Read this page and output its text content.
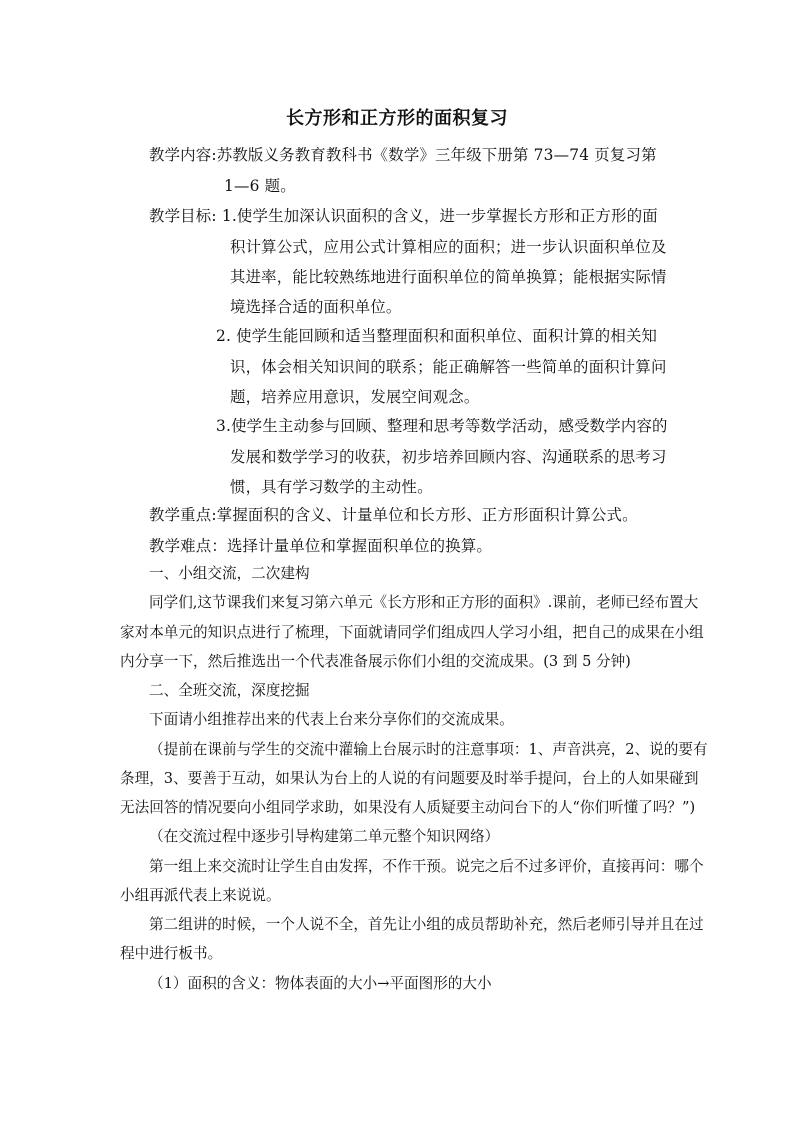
长方形和正方形的面积复习
教学内容:苏教版义务教育教科书《数学》三年级下册第 73—74 页复习第
1—6 题。
教学目标: 1.使学生加深认识面积的含义，进一步掌握长方形和正方形的面
积计算公式，应用公式计算相应的面积；进一步认识面积单位及
其进率，能比较熟练地进行面积单位的简单换算；能根据实际情
境选择合适的面积单位。
2. 使学生能回顾和适当整理面积和面积单位、面积计算的相关知
识，体会相关知识间的联系；能正确解答一些简单的面积计算问
题，培养应用意识，发展空间观念。
3.使学生主动参与回顾、整理和思考等数学活动，感受数学内容的
发展和数学学习的收获，初步培养回顾内容、沟通联系的思考习
惯，具有学习数学的主动性。
教学重点:掌握面积的含义、计量单位和长方形、正方形面积计算公式。
教学难点：选择计量单位和掌握面积单位的换算。
一、小组交流，二次建构
同学们,这节课我们来复习第六单元《长方形和正方形的面积》.课前，老师已经布置大
家对本单元的知识点进行了梳理，下面就请同学们组成四人学习小组，把自己的成果在小组
内分享一下，然后推选出一个代表准备展示你们小组的交流成果。(3 到 5 分钟)
二、全班交流，深度挖掘
下面请小组推荐出来的代表上台来分享你们的交流成果。
（提前在课前与学生的交流中灌输上台展示时的注意事项：1、声音洪亮，2、说的要有
条理，3、要善于互动，如果认为台上的人说的有问题要及时举手提问，台上的人如果碰到
无法回答的情况要向小组同学求助，如果没有人质疑要主动问台下的人“你们听懂了吗？”)
（在交流过程中逐步引导构建第二单元整个知识网络）
第一组上来交流时让学生自由发挥，不作干预。说完之后不过多评价，直接再问：哪个
小组再派代表上来说说。
第二组讲的时候，一个人说不全，首先让小组的成员帮助补充，然后老师引导并且在过
程中进行板书。
（1）面积的含义：物体表面的大小→平面图形的大小
